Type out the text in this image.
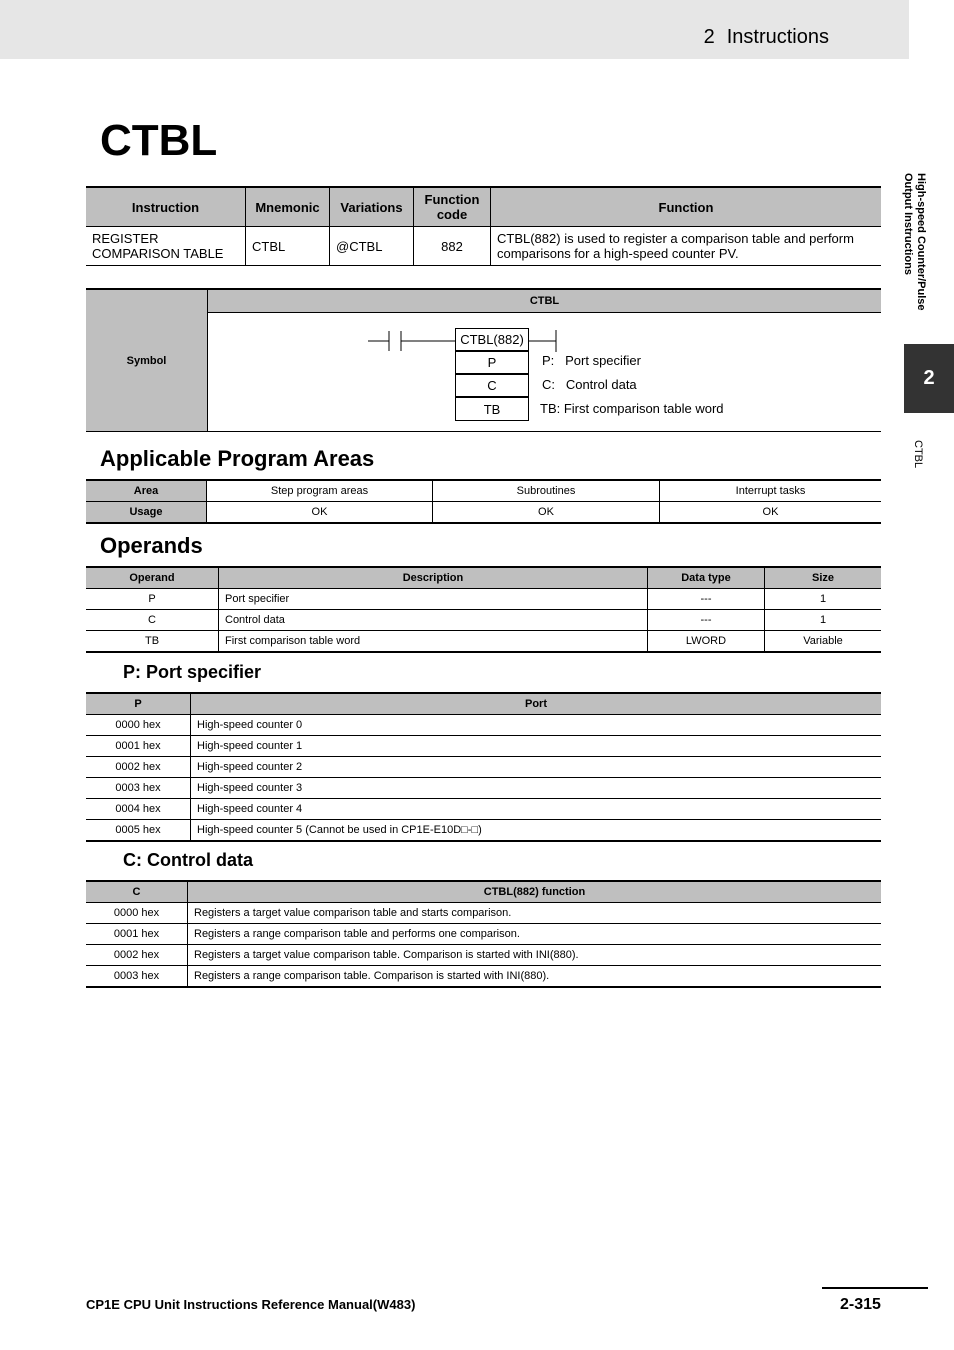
2 Instructions
High-speed Counter/Pulse Output Instructions
2
CTBL
CTBL
Instruction	Mnemonic	Variations	Function code	Function
REGISTER COMPARISON TABLE	CTBL	@CTBL	882	CTBL(882) is used to register a comparison table and perform comparisons for a high-speed counter PV.
Symbol
CTBL
CTBL(882)
P
C
TB
P:   Port specifier
C:   Control data
TB: First comparison table word
Applicable Program Areas
Area	Step program areas	Subroutines	Interrupt tasks
Usage	OK	OK	OK
Operands
Operand	Description	Data type	Size
P	Port specifier	---	1
C	Control data	---	1
TB	First comparison table word	LWORD	Variable
P: Port specifier
P	Port
0000 hex	High-speed counter 0
0001 hex	High-speed counter 1
0002 hex	High-speed counter 2
0003 hex	High-speed counter 3
0004 hex	High-speed counter 4
0005 hex	High-speed counter 5 (Cannot be used in CP1E-E10D□-□)
C: Control data
C	CTBL(882) function
0000 hex	Registers a target value comparison table and starts comparison.
0001 hex	Registers a range comparison table and performs one comparison.
0002 hex	Registers a target value comparison table. Comparison is started with INI(880).
0003 hex	Registers a range comparison table. Comparison is started with INI(880).
CP1E CPU Unit Instructions Reference Manual(W483)	2-315
